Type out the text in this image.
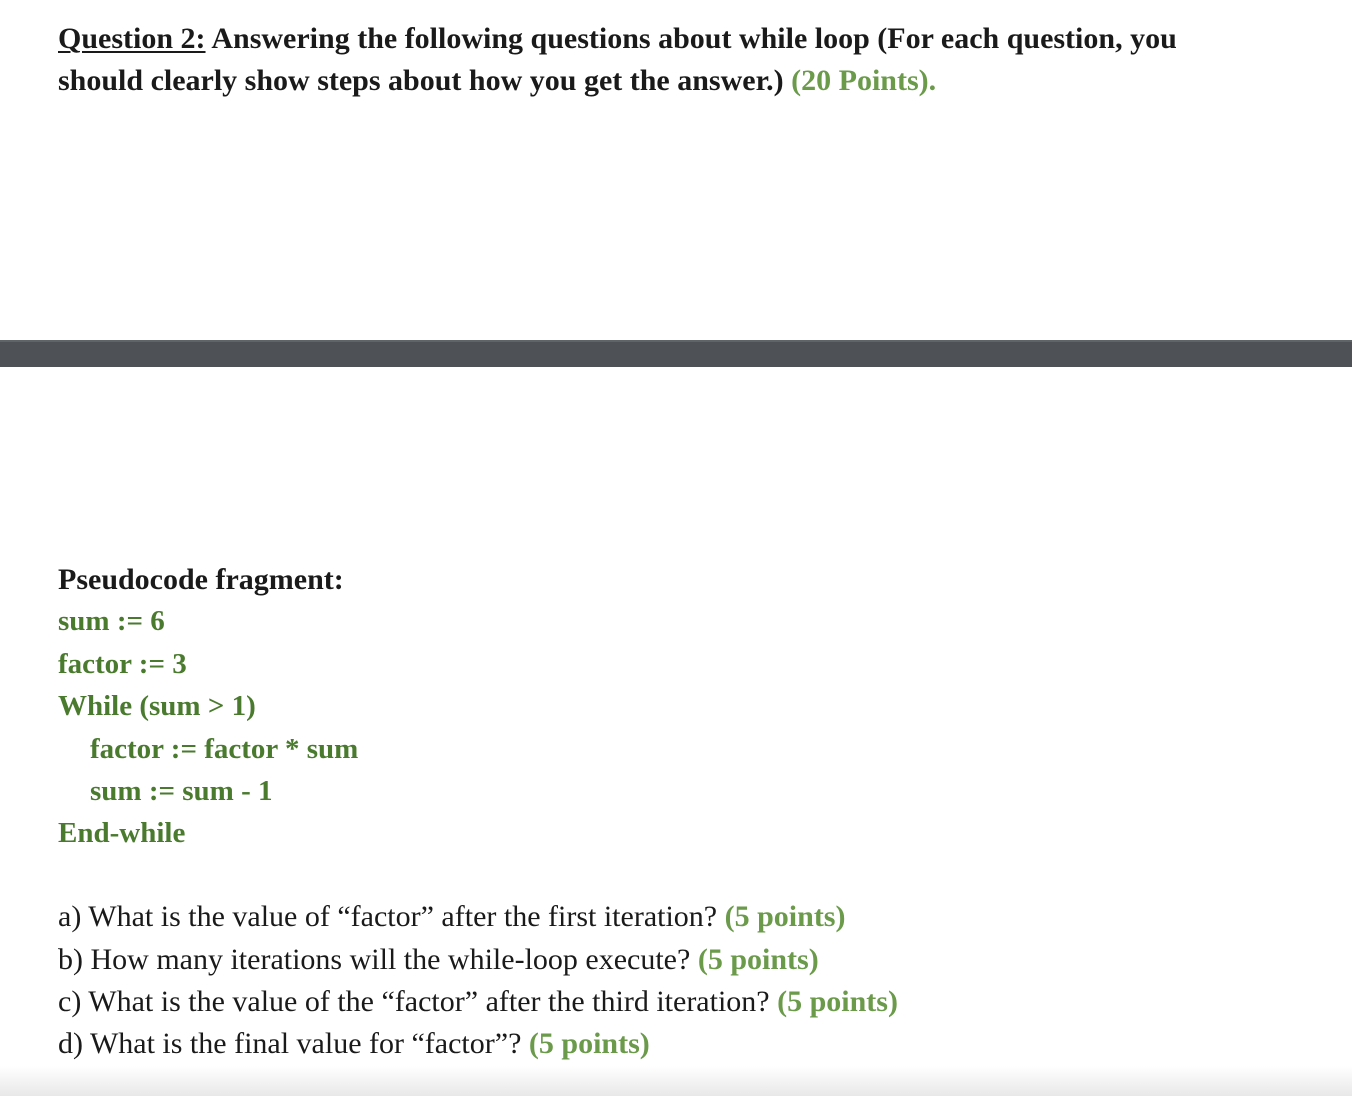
Question 2: Answering the following questions about while loop (For each question, you
should clearly show steps about how you get the answer.) (20 Points).
Pseudocode fragment:
sum := 6
factor := 3
While (sum > 1)
factor := factor * sum
sum := sum - 1
End-while
a) What is the value of “factor” after the first iteration? (5 points)
b) How many iterations will the while-loop execute? (5 points)
c) What is the value of the “factor” after the third iteration? (5 points)
d) What is the final value for “factor”? (5 points)
